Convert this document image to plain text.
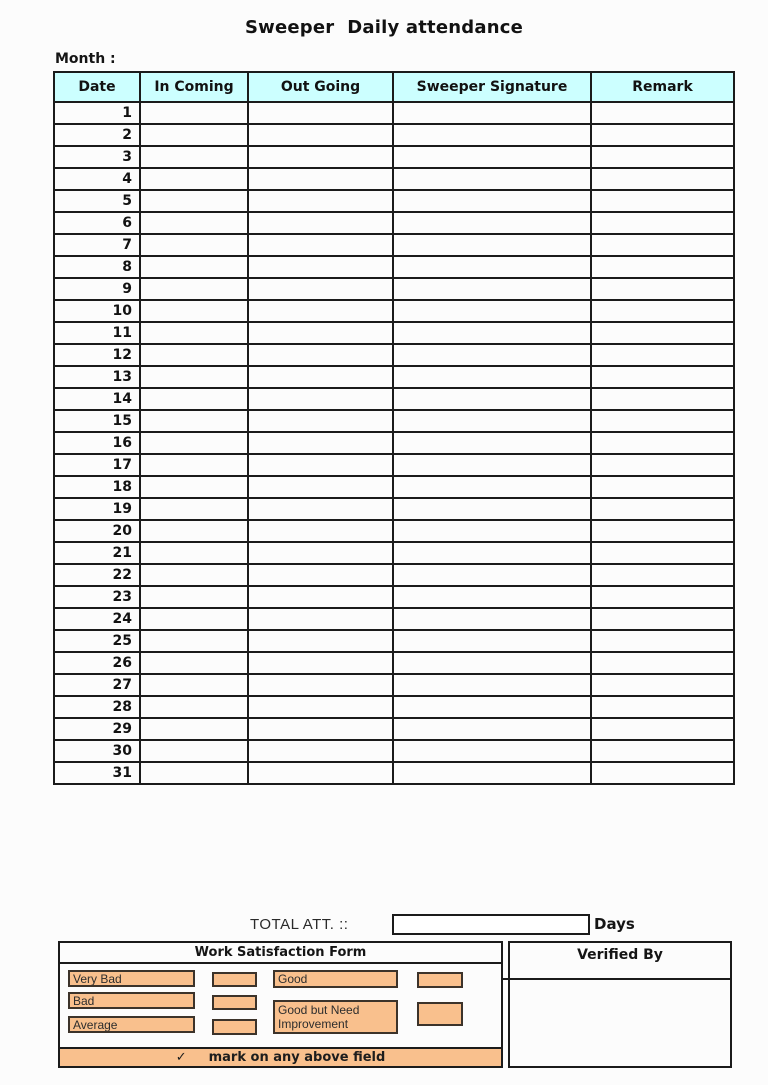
Sweeper  Daily attendance
Month :
Date	In Coming	Out Going	Sweeper Signature	Remark
1				
2				
3				
4				
5				
6				
7				
8				
9				
10				
11				
12				
13				
14				
15				
16				
17				
18				
19				
20				
21				
22				
23				
24				
25				
26				
27				
28				
29				
30				
31				
TOTAL ATT. ::	Days
Work Satisfaction Form
✓ mark on any above field
Very Bad
Bad
Average
Good
Good but Need Improvement
Verified By
